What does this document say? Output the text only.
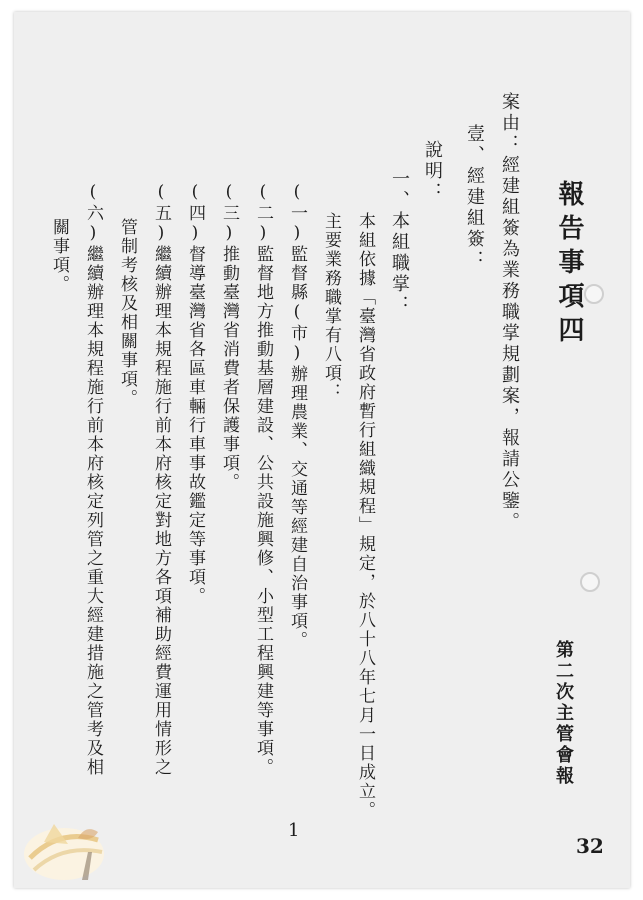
報告事項四
案由：經建組簽為業務職掌規劃案，報請公鑒。
壹、經建組簽：
說明：
一、本組職掌：
本組依據「臺灣省政府暫行組織規程」規定，於八十八年七月一日成立。
主要業務職掌有八項：
(一)監督縣(市)辦理農業、交通等經建自治事項。
(二)監督地方推動基層建設、公共設施興修、小型工程興建等事項。
(三)推動臺灣省消費者保護事項。
(四)督導臺灣省各區車輛行車事故鑑定等事項。
(五)繼續辦理本規程施行前本府核定對地方各項補助經費運用情形之
管制考核及相關事項。
(六)繼續辦理本規程施行前本府核定列管之重大經建措施之管考及相
關事項。
第二次主管會報
1
32
